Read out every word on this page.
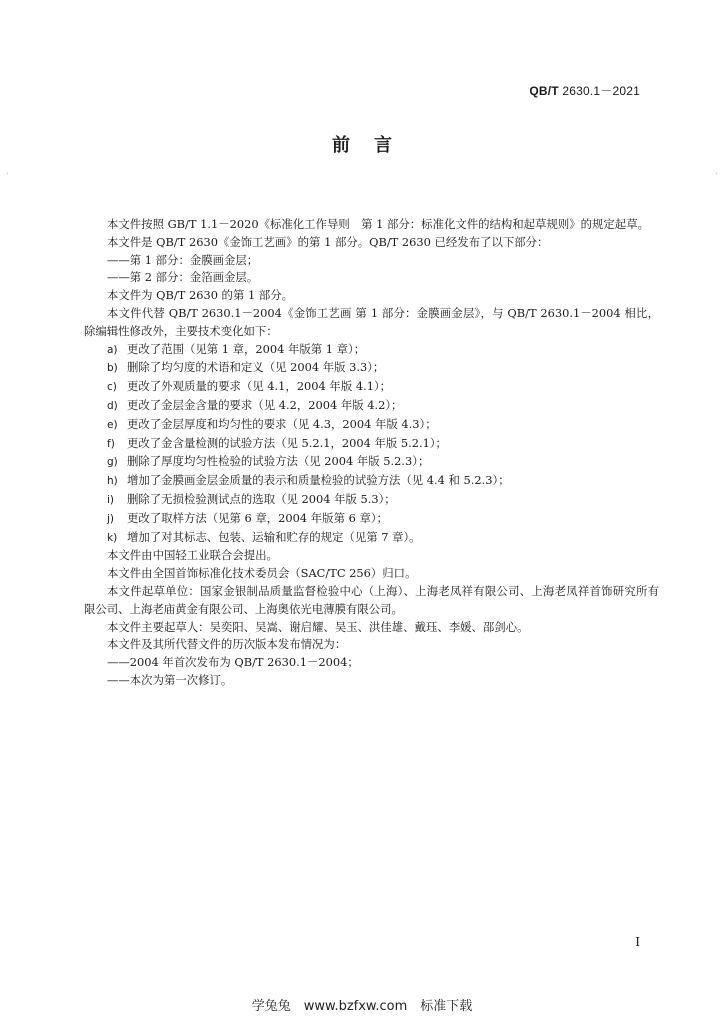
·	·
QB/T 2630.1－2021
前言

本文件按照 GB/T 1.1－2020《标准化工作导则　第 1 部分：标准化文件的结构和起草规则》的规定起草。

本文件是 QB/T 2630《金饰工艺画》的第 1 部分。QB/T 2630 已经发布了以下部分：

——第 1 部分：金膜画金层；

——第 2 部分：金箔画金层。

本文件为 QB/T 2630 的第 1 部分。

本文件代替 QB/T 2630.1－2004《金饰工艺画 第 1 部分：金膜画金层》，与 QB/T 2630.1－2004 相比，除编辑性修改外，主要技术变化如下：

a) 更改了范围（见第 1 章，2004 年版第 1 章）；

b) 删除了均匀度的术语和定义（见 2004 年版 3.3）；

c) 更改了外观质量的要求（见 4.1，2004 年版 4.1）；

d) 更改了金层金含量的要求（见 4.2，2004 年版 4.2）；

e) 更改了金层厚度和均匀性的要求（见 4.3，2004 年版 4.3）；

f) 更改了金含量检测的试验方法（见 5.2.1，2004 年版 5.2.1）；

g) 删除了厚度均匀性检验的试验方法（见 2004 年版 5.2.3）；

h) 增加了金膜画金层金质量的表示和质量检验的试验方法（见 4.4 和 5.2.3）；

i) 删除了无损检验测试点的选取（见 2004 年版 5.3）；

j) 更改了取样方法（见第 6 章，2004 年版第 6 章）；

k) 增加了对其标志、包装、运输和贮存的规定（见第 7 章）。

本文件由中国轻工业联合会提出。

本文件由全国首饰标准化技术委员会（SAC/TC 256）归口。

本文件起草单位：国家金银制品质量监督检验中心（上海）、上海老凤祥有限公司、上海老凤祥首饰研究所有限公司、上海老庙黄金有限公司、上海奥依光电薄膜有限公司。

本文件主要起草人：吴奕阳、吴嵩、谢启耀、吴玉、洪佳雄、戴珏、李媛、邵剑心。

本文件及其所代替文件的历次版本发布情况为：

——2004 年首次发布为 QB/T 2630.1－2004；

——本次为第一次修订。

I
学兔兔　www.bzfxw.com　标准下载
